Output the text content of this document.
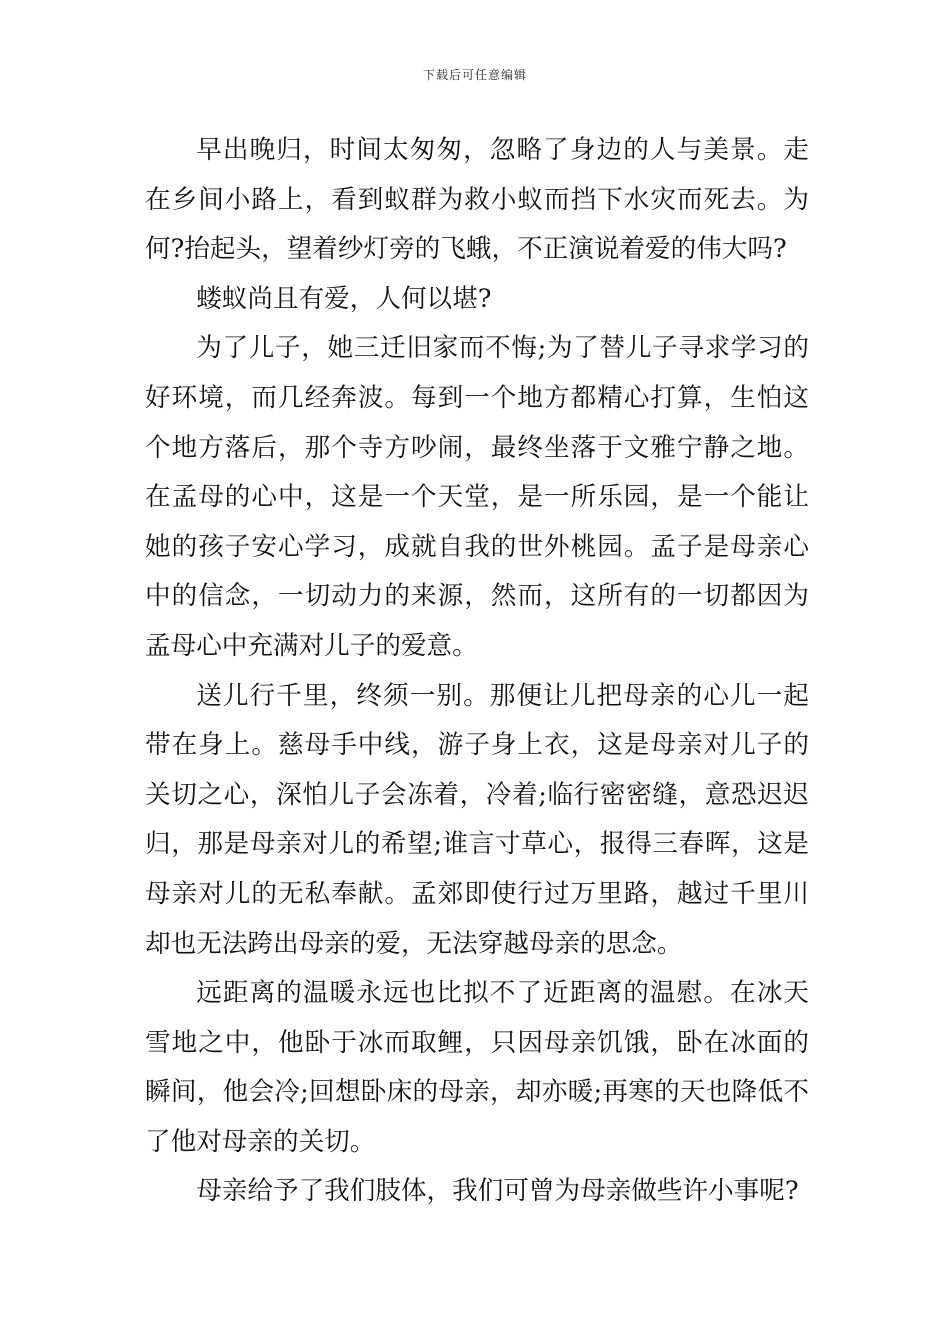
下载后可任意编辑

早出晚归，时间太匆匆，忽略了身边的人与美景。走在乡间小路上，看到蚁群为救小蚁而挡下水灾而死去。为何?抬起头，望着纱灯旁的飞蛾，不正演说着爱的伟大吗?

蝼蚁尚且有爱，人何以堪?

为了儿子，她三迁旧家而不悔;为了替儿子寻求学习的好环境，而几经奔波。每到一个地方都精心打算，生怕这个地方落后，那个寺方吵闹，最终坐落于文雅宁静之地。在孟母的心中，这是一个天堂，是一所乐园，是一个能让她的孩子安心学习，成就自我的世外桃园。孟子是母亲心中的信念，一切动力的来源，然而，这所有的一切都因为孟母心中充满对儿子的爱意。

送儿行千里，终须一别。那便让儿把母亲的心儿一起带在身上。慈母手中线，游子身上衣，这是母亲对儿子的关切之心，深怕儿子会冻着，冷着;临行密密缝，意恐迟迟归，那是母亲对儿的希望;谁言寸草心，报得三春晖，这是母亲对儿的无私奉献。孟郊即使行过万里路，越过千里川却也无法跨出母亲的爱，无法穿越母亲的思念。

远距离的温暖永远也比拟不了近距离的温慰。在冰天雪地之中，他卧于冰而取鲤，只因母亲饥饿，卧在冰面的瞬间，他会冷;回想卧床的母亲，却亦暖;再寒的天也降低不了他对母亲的关切。

母亲给予了我们肢体，我们可曾为母亲做些许小事呢?
